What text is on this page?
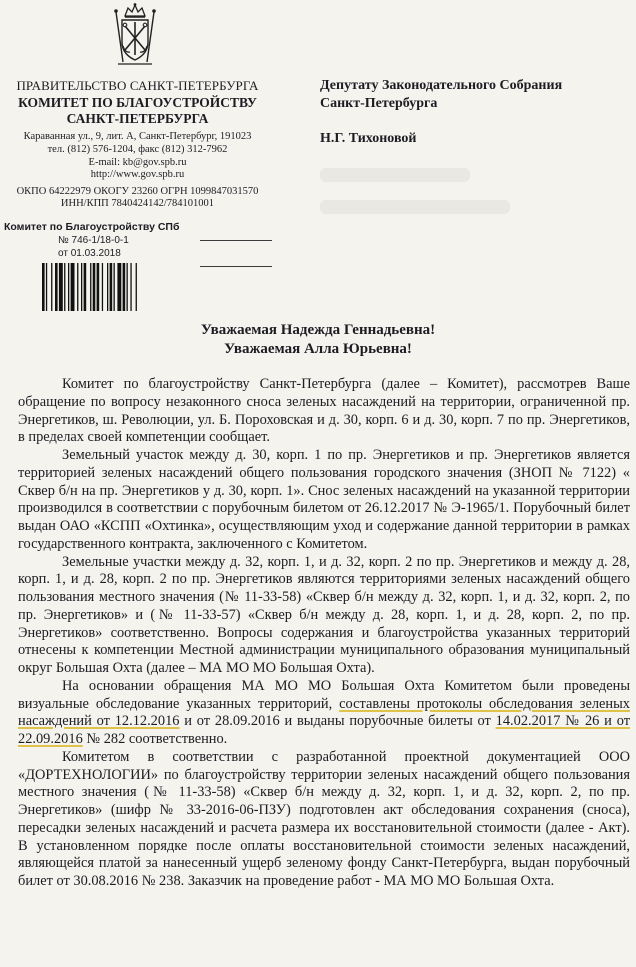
ПРАВИТЕЛЬСТВО САНКТ-ПЕТЕРБУРГА
КОМИТЕТ ПО БЛАГОУСТРОЙСТВУ
САНКТ-ПЕТЕРБУРГА
Караванная ул., 9, лит. А, Санкт-Петербург, 191023
тел. (812) 576-1204, факс (812) 312-7962
E-mail: kb@gov.spb.ru
http://www.gov.spb.ru
ОКПО 64222979 ОКОГУ 23260 ОГРН 1099847031570
ИНН/КПП 7840424142/784101001
Комитет по Благоустройству СПб
№ 746-1/18-0-1
от 01.03.2018
Депутату Законодательного Собрания
Санкт-Петербурга
Н.Г. Тихоновой
Уважаемая Надежда Геннадьевна!
Уважаемая Алла Юрьевна!

Комитет по благоустройству Санкт-Петербурга (далее – Комитет), рассмотрев Ваше обращение по вопросу незаконного сноса зеленых насаждений на территории, ограниченной пр. Энергетиков, ш. Революции, ул. Б. Пороховская и д. 30, корп. 6 и д. 30, корп. 7 по пр. Энергетиков, в пределах своей компетенции сообщает.

Земельный участок между д. 30, корп. 1 по пр. Энергетиков и пр. Энергетиков является территорией зеленых насаждений общего пользования городского значения (ЗНОП № 7122) « Сквер б/н на пр. Энергетиков у д. 30, корп. 1». Снос зеленых насаждений на указанной территории производился в соответствии с порубочным билетом от 26.12.2017 № Э-1965/1. Порубочный билет выдан ОАО «КСПП «Охтинка», осуществляющим уход и содержание данной территории в рамках государственного контракта, заключенного с Комитетом.

Земельные участки между д. 32, корп. 1, и д. 32, корп. 2 по пр. Энергетиков и между д. 28, корп. 1, и д. 28, корп. 2 по пр. Энергетиков являются территориями зеленых насаждений общего пользования местного значения (№ 11-33-58) «Сквер б/н между д. 32, корп. 1, и д. 32, корп. 2, по пр. Энергетиков» и (№ 11-33-57) «Сквер б/н между д. 28, корп. 1, и д. 28, корп. 2, по пр. Энергетиков» соответственно. Вопросы содержания и благоустройства указанных территорий отнесены к компетенции Местной администрации муниципального образования муниципальный округ Большая Охта (далее – МА МО МО Большая Охта).

На основании обращения МА МО МО Большая Охта Комитетом были проведены визуальные обследование указанных территорий, составлены протоколы обследования зеленых насаждений от 12.12.2016 и от 28.09.2016 и выданы порубочные билеты от 14.02.2017 № 26 и от 22.09.2016 № 282 соответственно.

Комитетом в соответствии с разработанной проектной документацией ООО «ДОРТЕХНОЛОГИИ» по благоустройству территории зеленых насаждений общего пользования местного значения (№ 11-33-58) «Сквер б/н между д. 32, корп. 1, и д. 32, корп. 2, по пр. Энергетиков» (шифр № 33-2016-06-ПЗУ) подготовлен акт обследования сохранения (сноса), пересадки зеленых насаждений и расчета размера их восстановительной стоимости (далее - Акт). В установленном порядке после оплаты восстановительной стоимости зеленых насаждений, являющейся платой за нанесенный ущерб зеленому фонду Санкт-Петербурга, выдан порубочный билет от 30.08.2016 № 238. Заказчик на проведение работ - МА МО МО Большая Охта.
